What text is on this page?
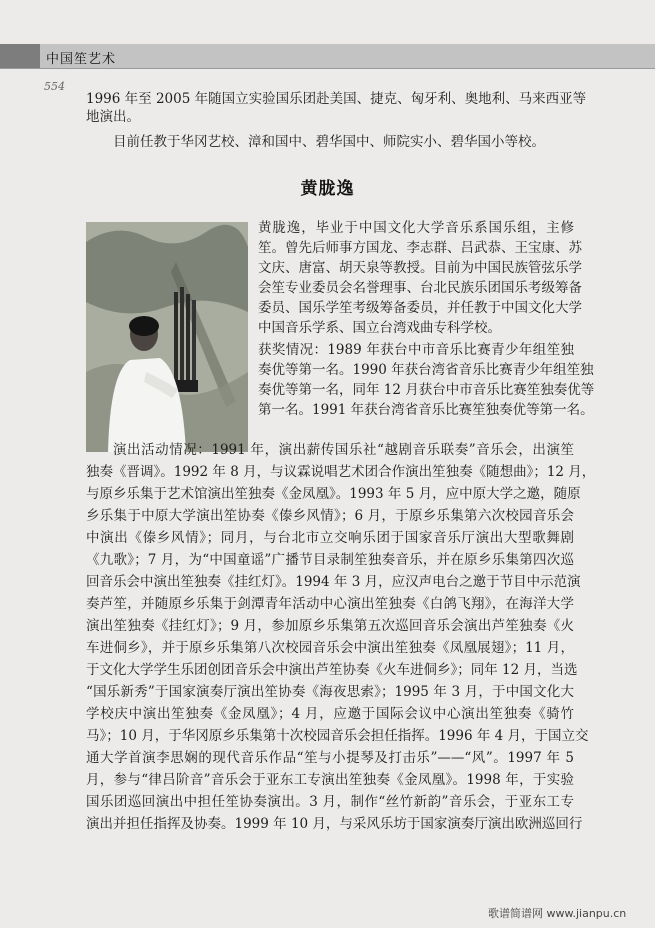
中国笙艺术
554
1996 年至 2005 年随国立实验国乐团赴美国、捷克、匈牙利、奥地利、马来西亚等
地演出。
目前任教于华冈艺校、漳和国中、碧华国中、师院实小、碧华国小等校。
黄胧逸
黄胧逸，毕业于中国文化大学音乐系国乐组，主修
笙。曾先后师事方国龙、李志群、吕武恭、王宝康、苏
文庆、唐富、胡天泉等教授。目前为中国民族管弦乐学
会笙专业委员会名誉理事、台北民族乐团国乐考级筹备
委员、国乐学笙考级筹备委员，并任教于中国文化大学
中国音乐学系、国立台湾戏曲专科学校。
获奖情况：1989 年获台中市音乐比赛青少年组笙独
奏优等第一名。1990 年获台湾省音乐比赛青少年组笙独
奏优等第一名，同年 12 月获台中市音乐比赛笙独奏优等
第一名。1991 年获台湾省音乐比赛笙独奏优等第一名。
演出活动情况：1991 年，演出薪传国乐社“越剧音乐联奏”音乐会，出演笙
独奏《晋调》。1992 年 8 月，与议霖说唱艺术团合作演出笙独奏《随想曲》；12 月，
与原乡乐集于艺术馆演出笙独奏《金凤凰》。1993 年 5 月，应中原大学之邀，随原
乡乐集于中原大学演出笙协奏《傣乡风情》；6 月，于原乡乐集第六次校园音乐会
中演出《傣乡风情》；同月，与台北市立交响乐团于国家音乐厅演出大型歌舞剧
《九歌》；7 月，为“中国童谣”广播节目录制笙独奏音乐，并在原乡乐集第四次巡
回音乐会中演出笙独奏《挂红灯》。1994 年 3 月，应汉声电台之邀于节目中示范演
奏芦笙，并随原乡乐集于剑潭青年活动中心演出笙独奏《白鸽飞翔》，在海洋大学
演出笙独奏《挂红灯》；9 月，参加原乡乐集第五次巡回音乐会演出芦笙独奏《火
车进侗乡》，并于原乡乐集第八次校园音乐会中演出笙独奏《凤凰展翅》；11 月，
于文化大学学生乐团创团音乐会中演出芦笙协奏《火车进侗乡》；同年 12 月，当选
“国乐新秀”于国家演奏厅演出笙协奏《海夜思索》；1995 年 3 月，于中国文化大
学校庆中演出笙独奏《金凤凰》；4 月，应邀于国际会议中心演出笙独奏《骑竹
马》；10 月，于华冈原乡乐集第十次校园音乐会担任指挥。1996 年 4 月，于国立交
通大学首演李思娴的现代音乐作品“笙与小提琴及打击乐”——“风”。1997 年 5
月，参与“律吕阶音”音乐会于亚东工专演出笙独奏《金凤凰》。1998 年，于实验
国乐团巡回演出中担任笙协奏演出。3 月，制作“丝竹新韵”音乐会，于亚东工专
演出并担任指挥及协奏。1999 年 10 月，与采风乐坊于国家演奏厅演出欧洲巡回行
歌谱简谱网 www.jianpu.cn
